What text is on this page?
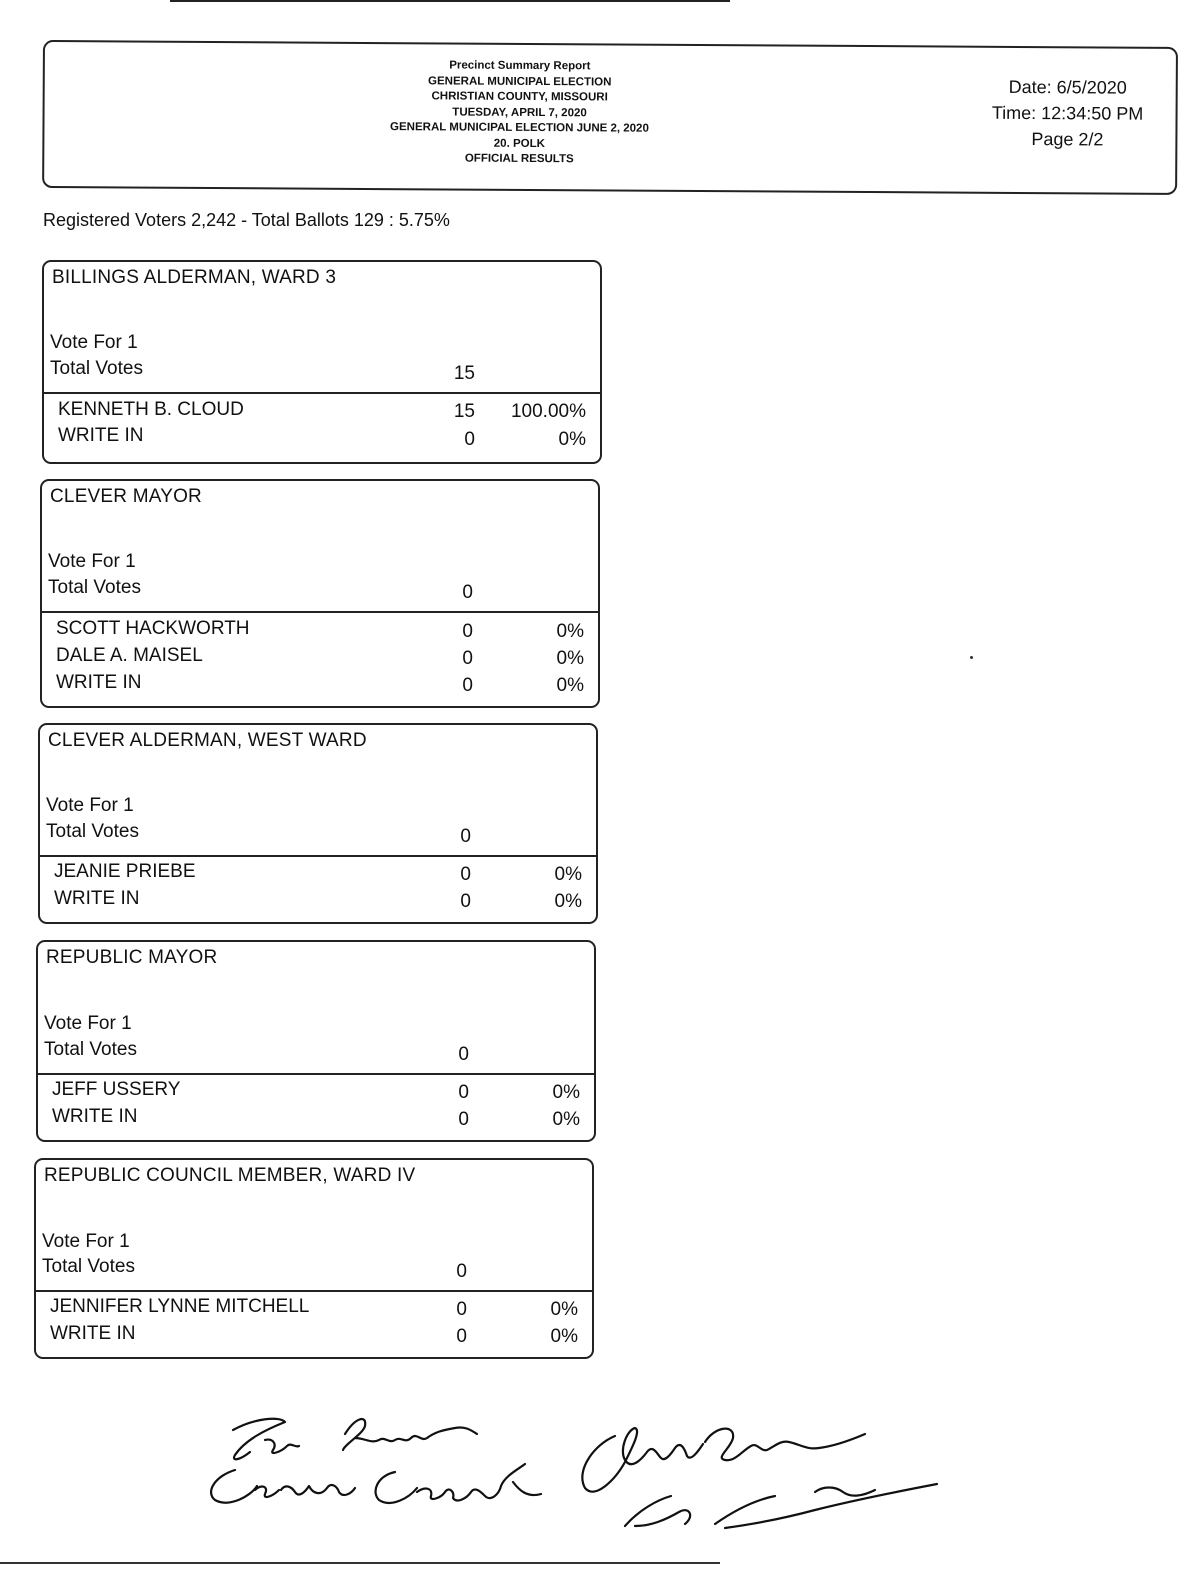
Precinct Summary Report
GENERAL MUNICIPAL ELECTION
CHRISTIAN COUNTY, MISSOURI
TUESDAY, APRIL 7, 2020
GENERAL MUNICIPAL ELECTION JUNE 2, 2020
20. POLK
OFFICIAL RESULTS
Date: 6/5/2020
Time: 12:34:50 PM
Page 2/2
Registered Voters 2,242 - Total Ballots 129 : 5.75%
BILLINGS ALDERMAN, WARD 3
Vote For 1
Total Votes	15
KENNETH B. CLOUD	15	100.00%
WRITE IN	0	0%
CLEVER MAYOR
Vote For 1
Total Votes	0
SCOTT HACKWORTH	0	0%
DALE A. MAISEL	0	0%
WRITE IN	0	0%
CLEVER ALDERMAN, WEST WARD
Vote For 1
Total Votes	0
JEANIE PRIEBE	0	0%
WRITE IN	0	0%
REPUBLIC MAYOR
Vote For 1
Total Votes	0
JEFF USSERY	0	0%
WRITE IN	0	0%
REPUBLIC COUNCIL MEMBER, WARD IV
Vote For 1
Total Votes	0
JENNIFER LYNNE MITCHELL	0	0%
WRITE IN	0	0%
